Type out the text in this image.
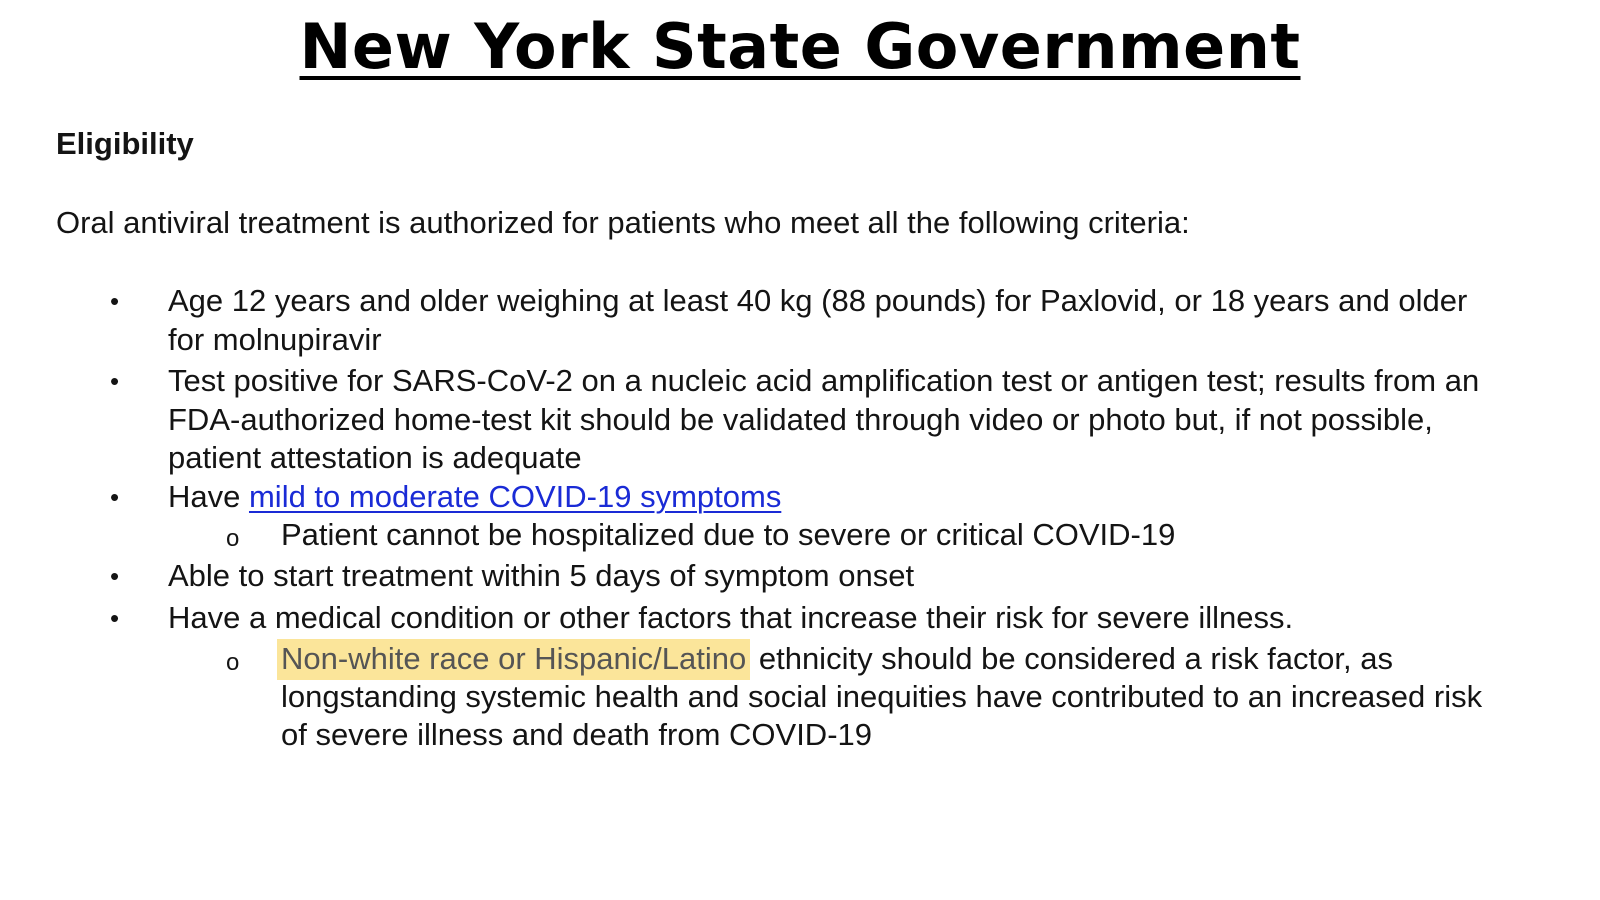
New York State Government
Eligibility
Oral antiviral treatment is authorized for patients who meet all the following criteria:
• Age 12 years and older weighing at least 40 kg (88 pounds) for Paxlovid, or 18 years and older for molnupiravir
• Test positive for SARS-CoV-2 on a nucleic acid amplification test or antigen test; results from an FDA-authorized home-test kit should be validated through video or photo but, if not possible, patient attestation is adequate
• Have mild to moderate COVID-19 symptoms
o Patient cannot be hospitalized due to severe or critical COVID-19
• Able to start treatment within 5 days of symptom onset
• Have a medical condition or other factors that increase their risk for severe illness.
o Non-white race or Hispanic/Latino ethnicity should be considered a risk factor, as longstanding systemic health and social inequities have contributed to an increased risk of severe illness and death from COVID-19
